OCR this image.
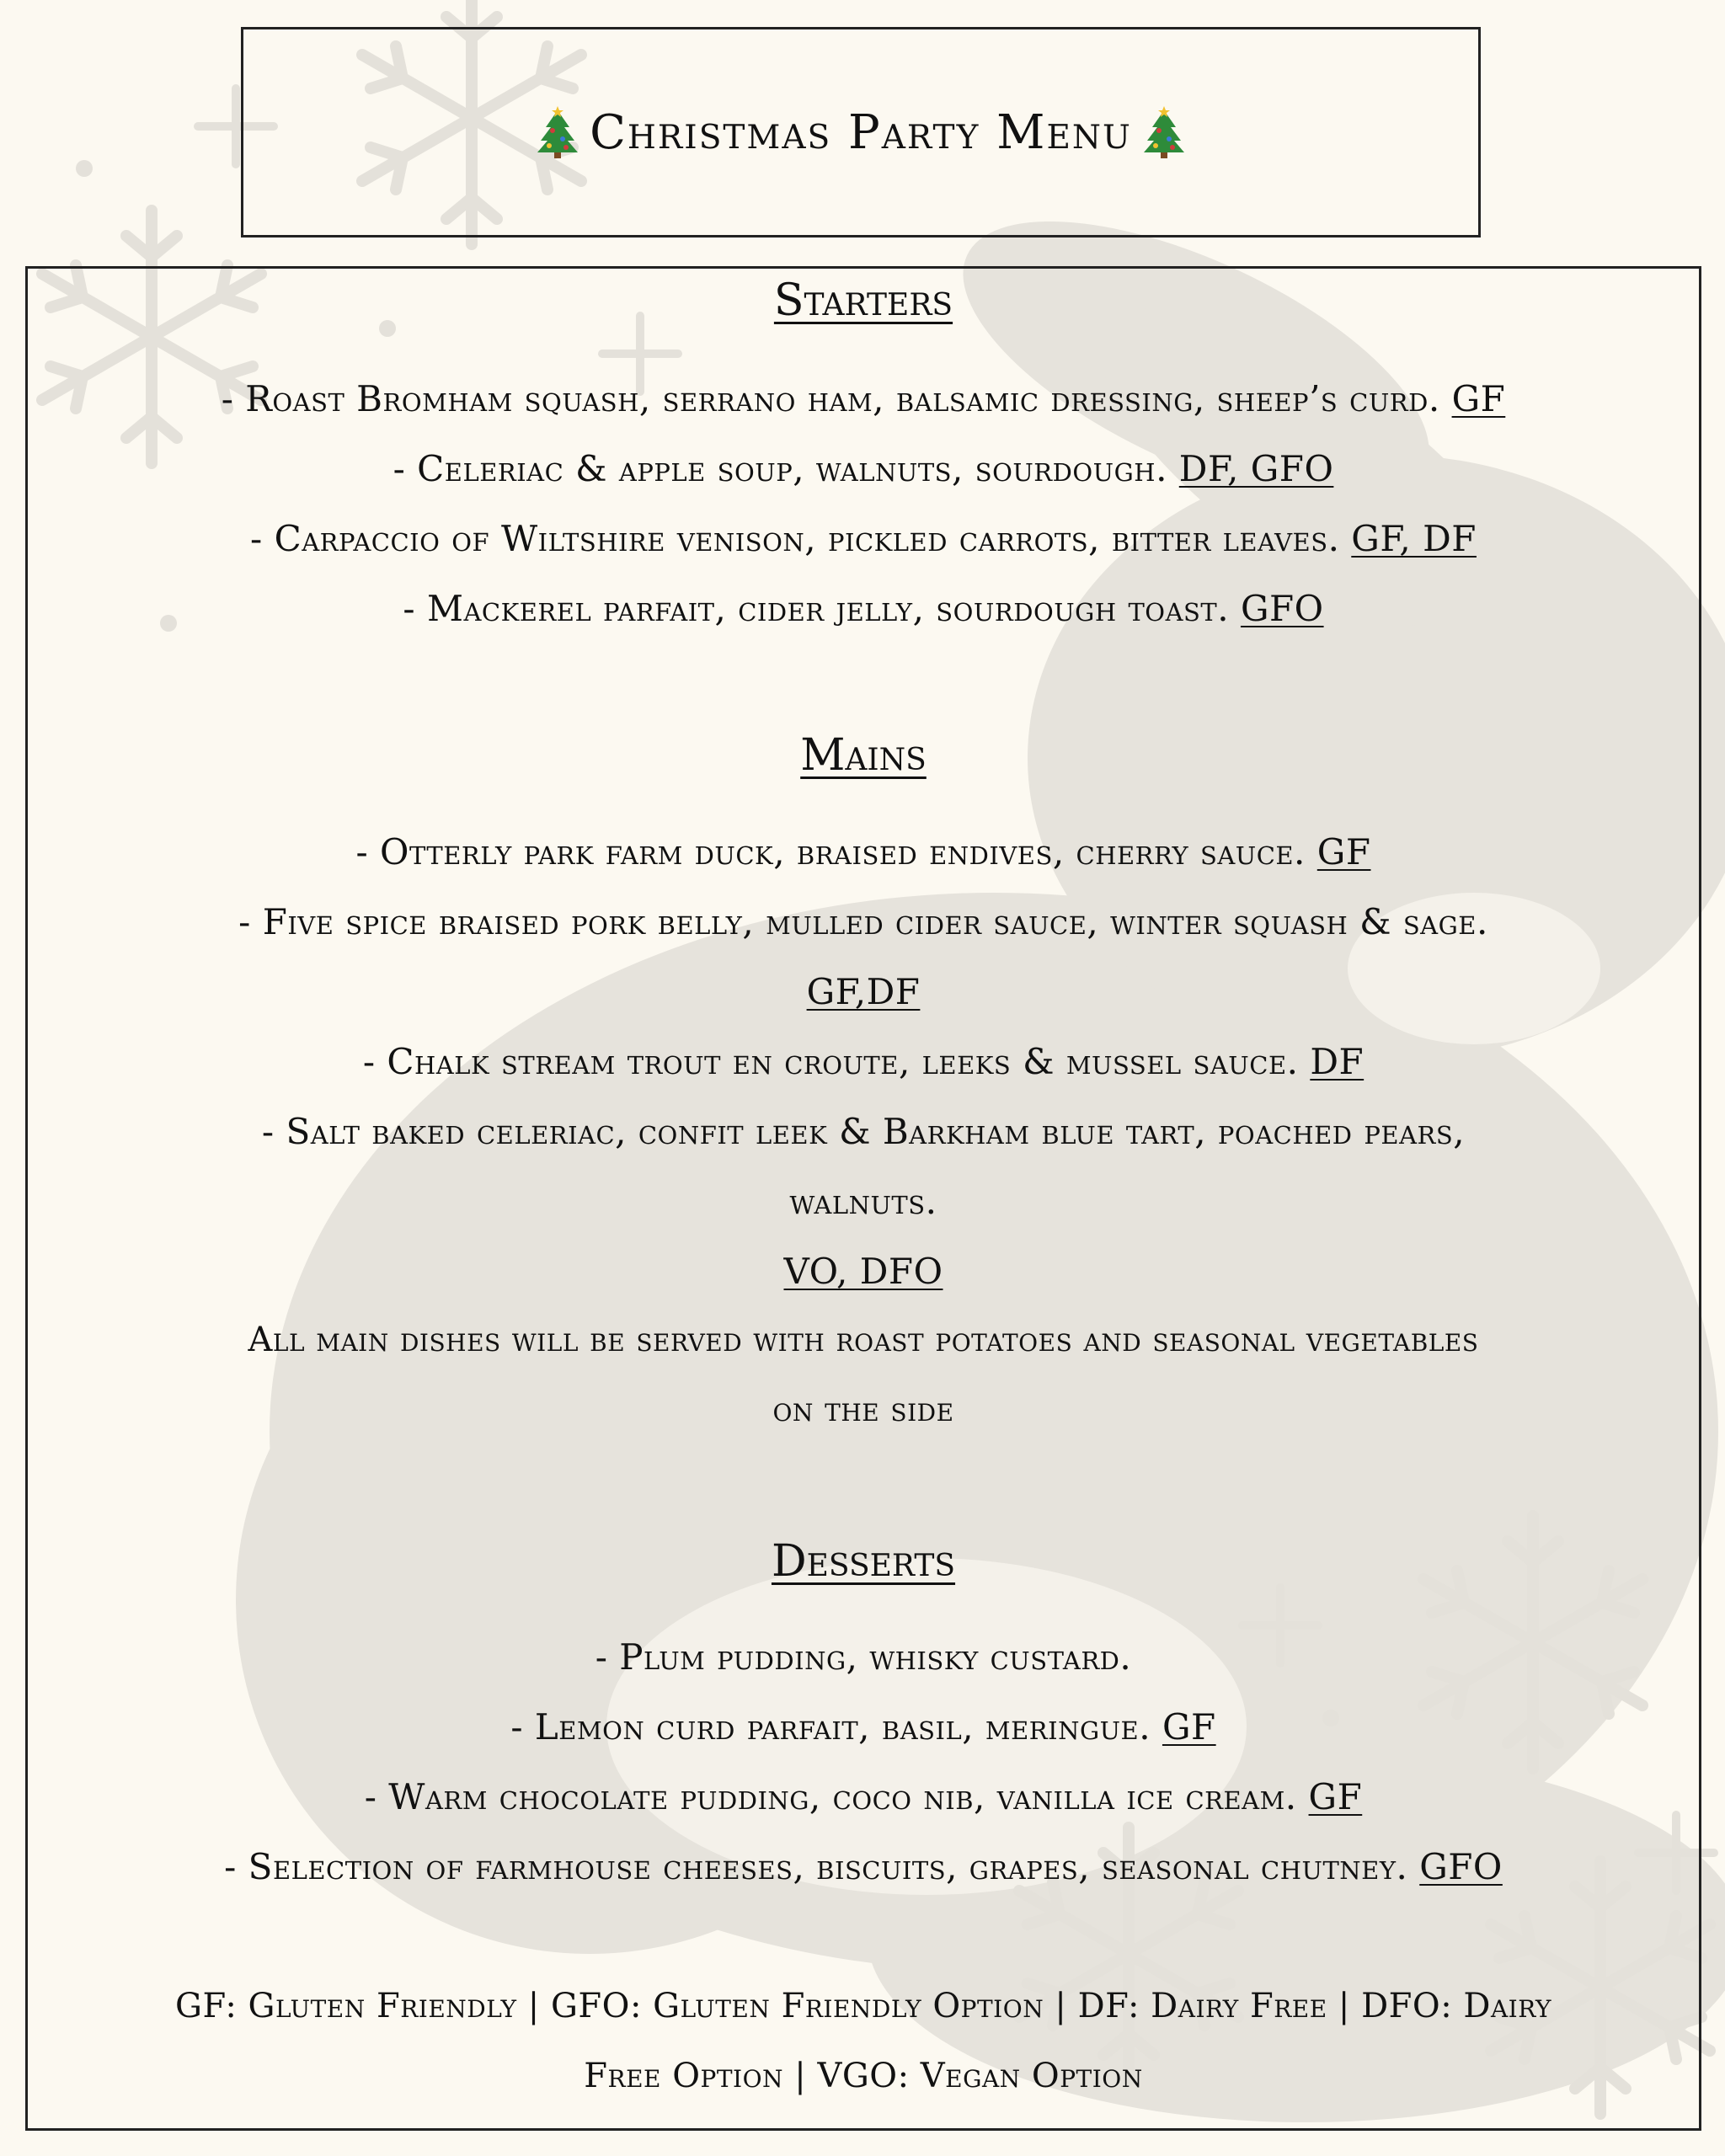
Christmas Party Menu
Starters
- Roast Bromham squash, serrano ham, balsamic dressing, sheep’s curd. GF
- Celeriac & apple soup, walnuts, sourdough. DF, GFO
- Carpaccio of Wiltshire venison, pickled carrots, bitter leaves. GF, DF
- Mackerel parfait, cider jelly, sourdough toast. GFO
Mains
- Otterly park farm duck, braised endives, cherry sauce. GF
- Five spice braised pork belly, mulled cider sauce, winter squash & sage.
GF,DF
- Chalk stream trout en croute, leeks & mussel sauce. DF
- Salt baked celeriac, confit leek & Barkham blue tart, poached pears,
walnuts.
VO, DFO
All main dishes will be served with roast potatoes and seasonal vegetables
on the side
Desserts
- Plum pudding, whisky custard.
- Lemon curd parfait, basil, meringue. GF
- Warm chocolate pudding, coco nib, vanilla ice cream. GF
- Selection of farmhouse cheeses, biscuits, grapes, seasonal chutney. GFO
GF: Gluten Friendly | GFO: Gluten Friendly Option | DF: Dairy Free | DFO: Dairy
Free Option | VGO: Vegan Option
